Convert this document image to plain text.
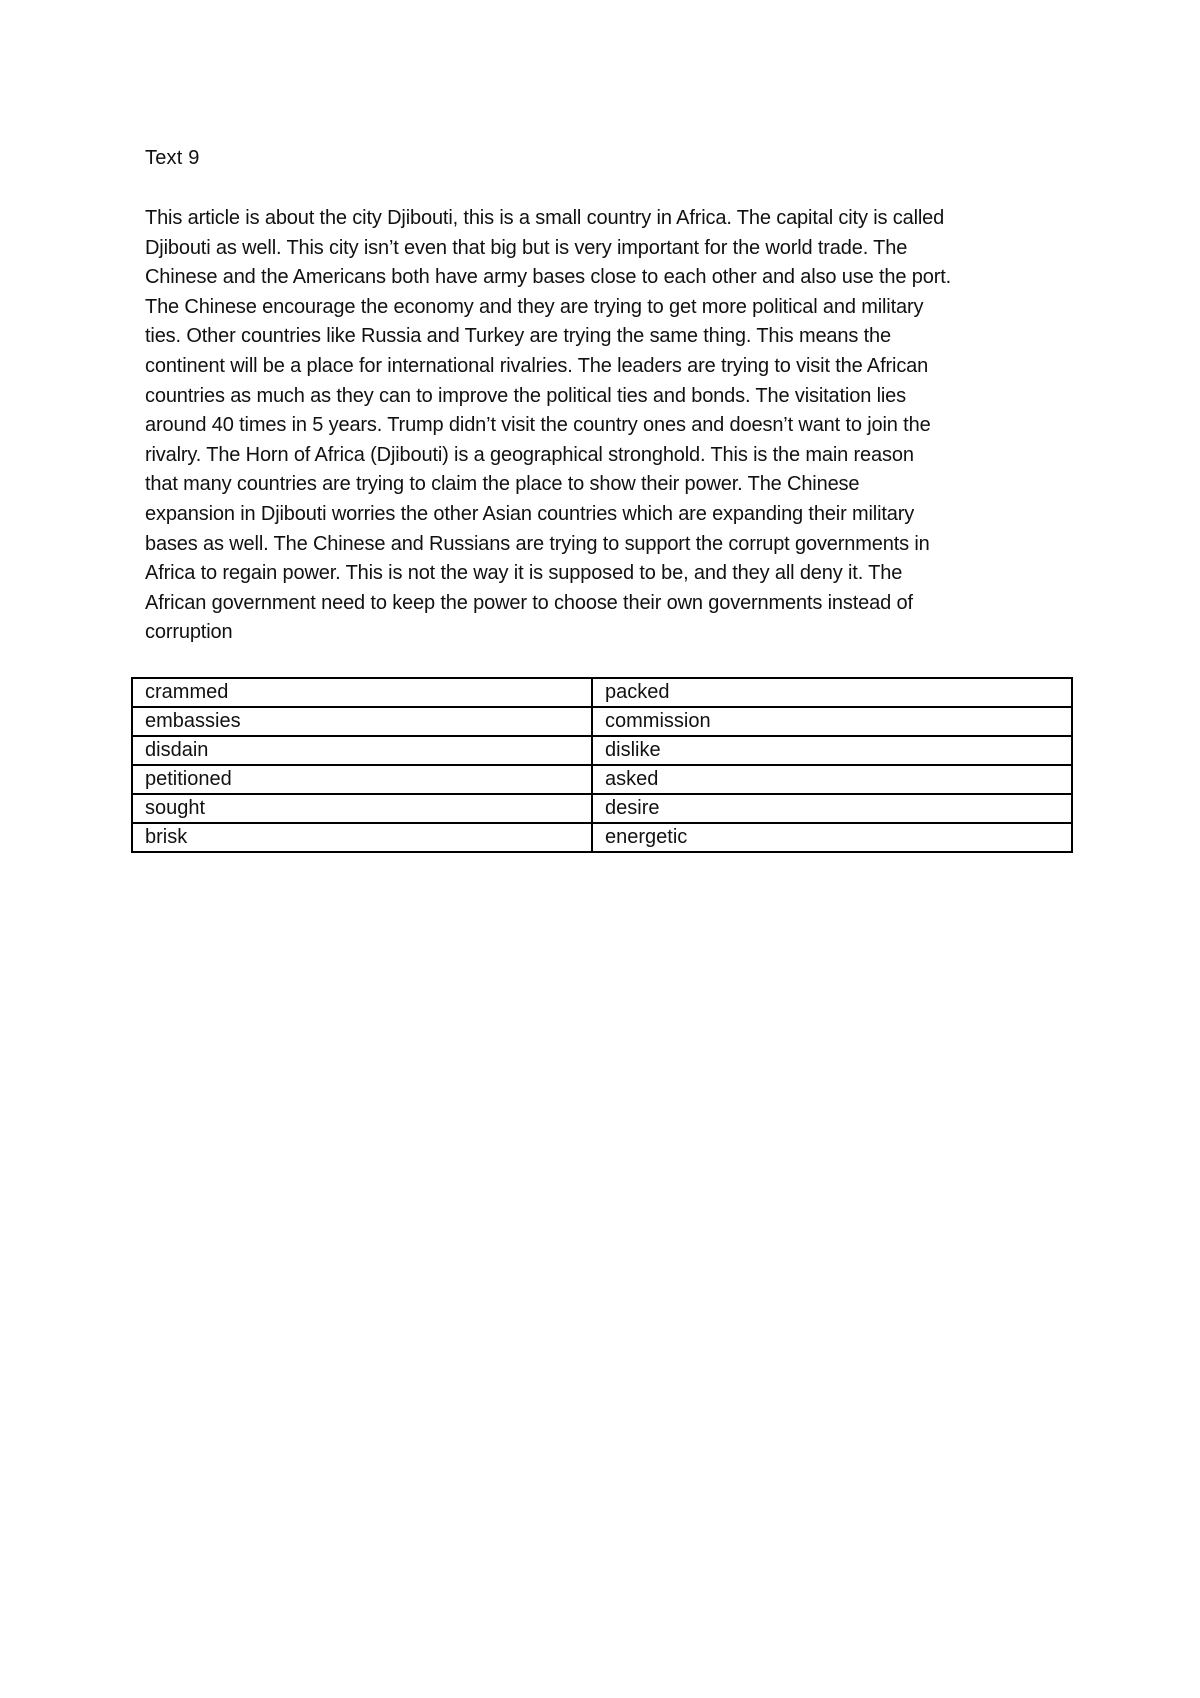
Text 9

This article is about the city Djibouti, this is a small country in Africa. The capital city is called
Djibouti as well. This city isn’t even that big but is very important for the world trade. The
Chinese and the Americans both have army bases close to each other and also use the port.
The Chinese encourage the economy and they are trying to get more political and military
ties. Other countries like Russia and Turkey are trying the same thing. This means the
continent will be a place for international rivalries. The leaders are trying to visit the African
countries as much as they can to improve the political ties and bonds. The visitation lies
around 40 times in 5 years. Trump didn’t visit the country ones and doesn’t want to join the
rivalry. The Horn of Africa (Djibouti) is a geographical stronghold. This is the main reason
that many countries are trying to claim the place to show their power. The Chinese
expansion in Djibouti worries the other Asian countries which are expanding their military
bases as well. The Chinese and Russians are trying to support the corrupt governments in
Africa to regain power. This is not the way it is supposed to be, and they all deny it. The
African government need to keep the power to choose their own governments instead of
corruption

crammed	packed
embassies	commission
disdain	dislike
petitioned	asked
sought	desire
brisk	energetic
